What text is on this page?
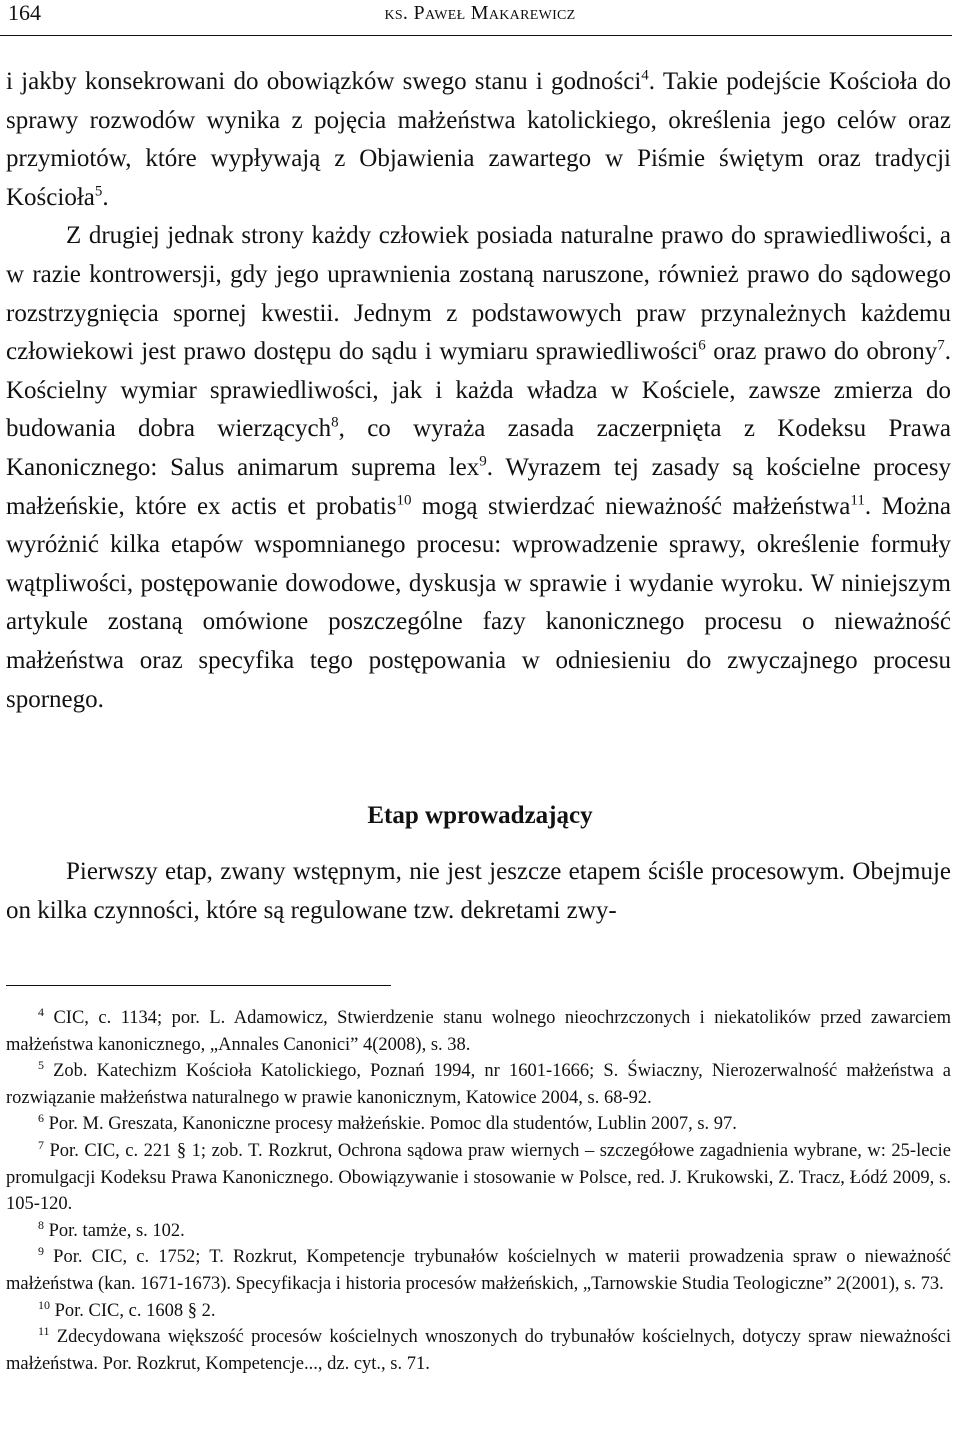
164	ks. Paweł Makarewicz

i jakby konsekrowani do obowiązków swego stanu i godności$^4$. Takie podejście Kościoła do sprawy rozwodów wynika z pojęcia małżeństwa katolickiego, określenia jego celów oraz przymiotów, które wypływają z Objawienia zawartego w Piśmie świętym oraz tradycji Kościoła$^5$.

Z drugiej jednak strony każdy człowiek posiada naturalne prawo do sprawiedliwości, a w razie kontrowersji, gdy jego uprawnienia zostaną naruszone, również prawo do sądowego rozstrzygnięcia spornej kwestii. Jednym z podstawowych praw przynależnych każdemu człowiekowi jest prawo dostępu do sądu i wymiaru sprawiedliwości$^6$ oraz prawo do obrony$^7$. Kościelny wymiar sprawiedliwości, jak i każda władza w Kościele, zawsze zmierza do budowania dobra wierzących$^8$, co wyraża zasada zaczerpnięta z Kodeksu Prawa Kanonicznego: Salus animarum suprema lex$^9$. Wyrazem tej zasady są kościelne procesy małżeńskie, które ex actis et probatis$^{10}$ mogą stwierdzać nieważność małżeństwa$^{11}$. Można wyróżnić kilka etapów wspomnianego procesu: wprowadzenie sprawy, określenie formuły wątpliwości, postępowanie dowodowe, dyskusja w sprawie i wydanie wyroku. W niniejszym artykule zostaną omówione poszczególne fazy kanonicznego procesu o nieważność małżeństwa oraz specyfika tego postępowania w odniesieniu do zwyczajnego procesu spornego.

Etap wprowadzający

Pierwszy etap, zwany wstępnym, nie jest jeszcze etapem ściśle procesowym. Obejmuje on kilka czynności, które są regulowane tzw. dekretami zwy-

$^4$ CIC, c. 1134; por. L. Adamowicz, Stwierdzenie stanu wolnego nieochrzczonych i niekatolików przed zawarciem małżeństwa kanonicznego, „Annales Canonici” 4(2008), s. 38.

$^5$ Zob. Katechizm Kościoła Katolickiego, Poznań 1994, nr 1601-1666; S. Świaczny, Nierozerwalność małżeństwa a rozwiązanie małżeństwa naturalnego w prawie kanonicznym, Katowice 2004, s. 68-92.

$^6$ Por. M. Greszata, Kanoniczne procesy małżeńskie. Pomoc dla studentów, Lublin 2007, s. 97.

$^7$ Por. CIC, c. 221 § 1; zob. T. Rozkrut, Ochrona sądowa praw wiernych – szczegółowe zagadnienia wybrane, w: 25-lecie promulgacji Kodeksu Prawa Kanonicznego. Obowiązywanie i stosowanie w Polsce, red. J. Krukowski, Z. Tracz, Łódź 2009, s. 105-120.

$^8$ Por. tamże, s. 102.

$^9$ Por. CIC, c. 1752; T. Rozkrut, Kompetencje trybunałów kościelnych w materii prowadzenia spraw o nieważność małżeństwa (kan. 1671-1673). Specyfikacja i historia procesów małżeńskich, „Tarnowskie Studia Teologiczne” 2(2001), s. 73.

$^{10}$ Por. CIC, c. 1608 § 2.

$^{11}$ Zdecydowana większość procesów kościelnych wnoszonych do trybunałów kościelnych, dotyczy spraw nieważności małżeństwa. Por. Rozkrut, Kompetencje..., dz. cyt., s. 71.
